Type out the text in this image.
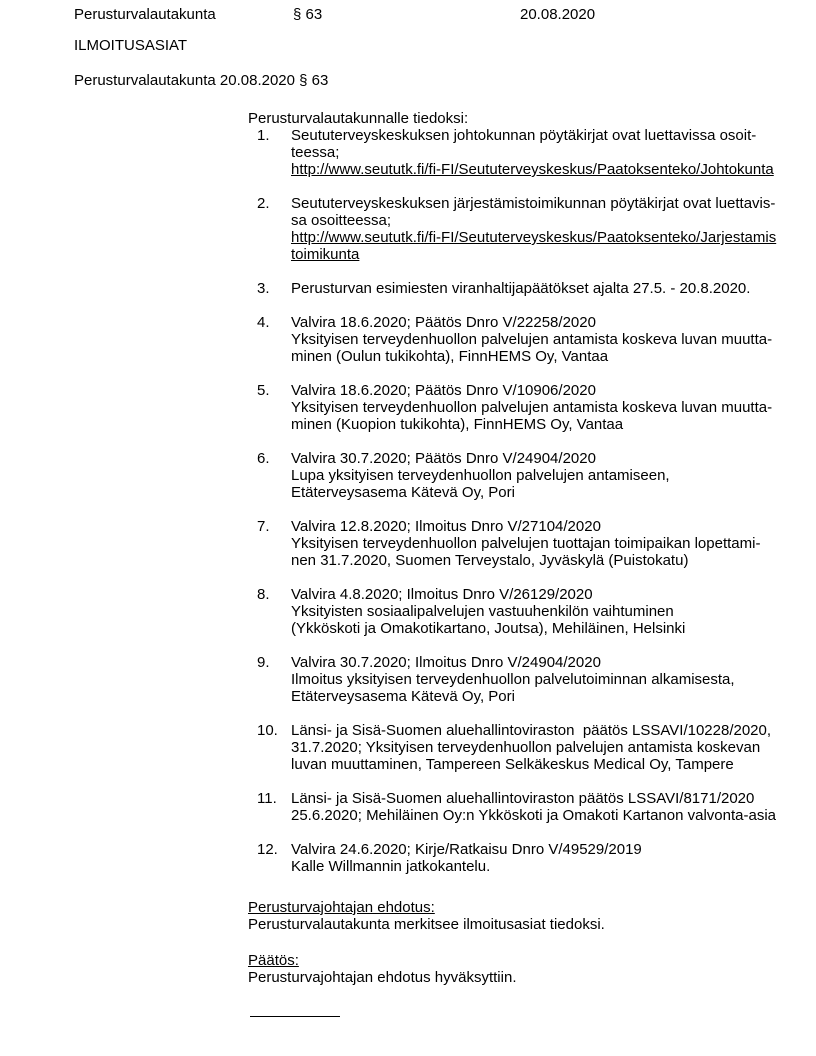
Perusturvalautakunta	§ 63	20.08.2020
ILMOITUSASIAT
Perusturvalautakunta 20.08.2020 § 63
Perusturvalautakunnalle tiedoksi:
1.	Seututerveyskeskuksen johtokunnan pöytäkirjat ovat luettavissa osoit-
teessa;
http://www.seututk.fi/fi-FI/Seututerveyskeskus/Paatoksenteko/Johtokunta
2.	Seututerveyskeskuksen järjestämistoimikunnan pöytäkirjat ovat luettavis-
sa osoitteessa;
http://www.seututk.fi/fi-FI/Seututerveyskeskus/Paatoksenteko/Jarjestamis
toimikunta
3.	Perusturvan esimiesten viranhaltijapäätökset ajalta 27.5. - 20.8.2020.
4.	Valvira 18.6.2020; Päätös Dnro V/22258/2020
Yksityisen terveydenhuollon palvelujen antamista koskeva luvan muutta-
minen (Oulun tukikohta), FinnHEMS Oy, Vantaa
5.	Valvira 18.6.2020; Päätös Dnro V/10906/2020
Yksityisen terveydenhuollon palvelujen antamista koskeva luvan muutta-
minen (Kuopion tukikohta), FinnHEMS Oy, Vantaa
6.	Valvira 30.7.2020; Päätös Dnro V/24904/2020
Lupa yksityisen terveydenhuollon palvelujen antamiseen,
Etäterveysasema Kätevä Oy, Pori
7.	Valvira 12.8.2020; Ilmoitus Dnro V/27104/2020
Yksityisen terveydenhuollon palvelujen tuottajan toimipaikan lopettami-
nen 31.7.2020, Suomen Terveystalo, Jyväskylä (Puistokatu)
8.	Valvira 4.8.2020; Ilmoitus Dnro V/26129/2020
Yksityisten sosiaalipalvelujen vastuuhenkilön vaihtuminen
(Ykköskoti ja Omakotikartano, Joutsa), Mehiläinen, Helsinki
9.	Valvira 30.7.2020; Ilmoitus Dnro V/24904/2020
Ilmoitus yksityisen terveydenhuollon palvelutoiminnan alkamisesta,
Etäterveysasema Kätevä Oy, Pori
10. Länsi- ja Sisä-Suomen aluehallintoviraston  päätös LSSAVI/10228/2020,
31.7.2020; Yksityisen terveydenhuollon palvelujen antamista koskevan
luvan muuttaminen, Tampereen Selkäkeskus Medical Oy, Tampere
11. Länsi- ja Sisä-Suomen aluehallintoviraston päätös LSSAVI/8171/2020
25.6.2020; Mehiläinen Oy:n Ykköskoti ja Omakoti Kartanon valvonta-asia
12. Valvira 24.6.2020; Kirje/Ratkaisu Dnro V/49529/2019
Kalle Willmannin jatkokantelu.
Perusturvajohtajan ehdotus:
Perusturvalautakunta merkitsee ilmoitusasiat tiedoksi.
Päätös:
Perusturvajohtajan ehdotus hyväksyttiin.
